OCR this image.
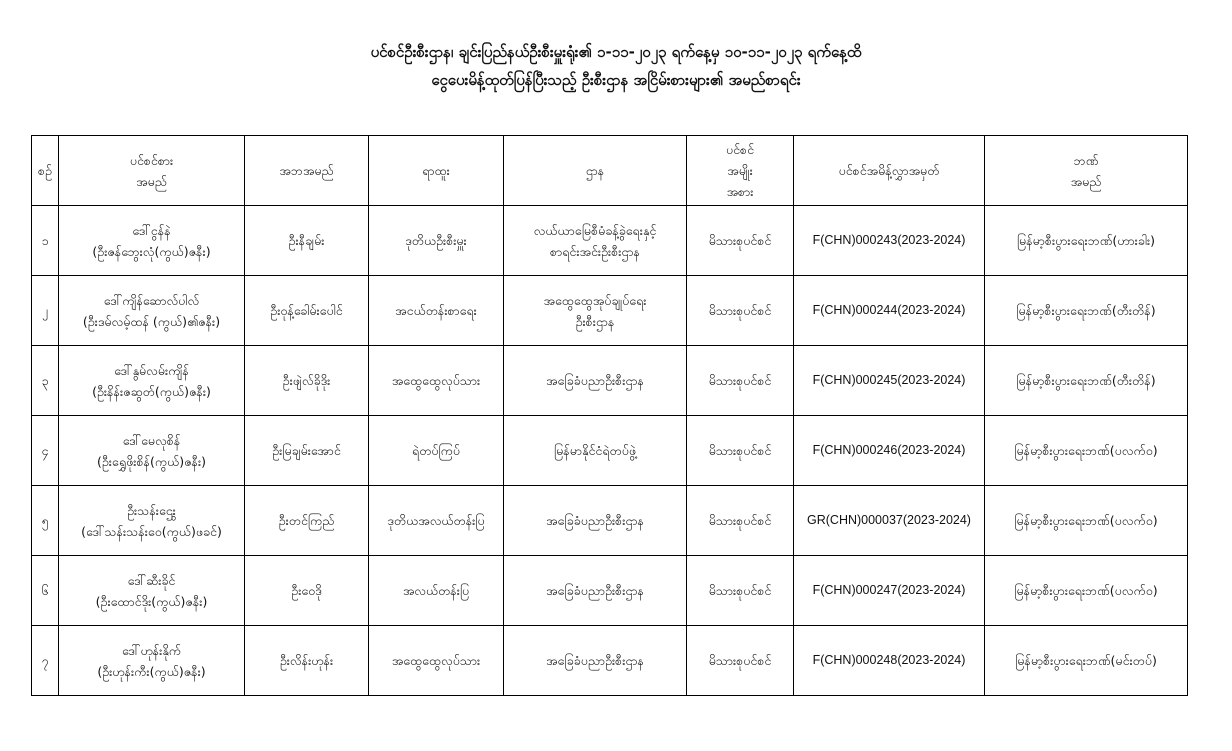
ပင်စင်ဦးစီးဌာန၊ ချင်းပြည်နယ်ဦးစီးမှူးရုံး၏ ၁-၁၁-၂၀၂၃ ရက်နေ့မှ ၁၀-၁၁-၂၀၂၃ ရက်နေ့ထိ
ငွေပေးမိန့်ထုတ်ပြန်ပြီးသည့် ဦးစီးဌာန အငြိမ်းစားများ၏ အမည်စာရင်း
စဉ်	ပင်စင်စား
အမည်	အဘအမည်	ရာထူး	ဌာန	ပင်စင်
အမျိုး
အစား	ပင်စင်အမိန့်လွှာအမှတ်	ဘဏ်
အမည်

၁	ဒေါ်ငွန်နဲ
(ဦးဇန်ဘွေးလုံ(ကွယ်)ဇနီး)	ဦးနီချမ်း	ဒုတိယဦးစီးမှူး	လယ်ယာမြေစီမံခန့်ခွဲရေးနှင့်
စာရင်းအင်းဦးစီးဌာန	မိသားစုပင်စင်	F(CHN)000243(2023-2024)	မြန်မာ့စီးပွားရေးဘဏ်(ဟားခါး)
၂	ဒေါ်ကျိန်ဆောလ်ပါလ်
(ဦးဒမ်လမ့်ထန် (ကွယ်)၏ဇနီး)	ဦးဝုန့်ခေါမ်းပေါင်	အငယ်တန်းစာရေး	အထွေထွေအုပ်ချုပ်ရေး
ဦးစီးဌာန	မိသားစုပင်စင်	F(CHN)000244(2023-2024)	မြန်မာ့စီးပွားရေးဘဏ်(တီးတိန်)
၃	ဒေါ်နွမ်လမ်းကျိန်
(ဦးနိန်းဇဆွတ်(ကွယ်)ဇနီး)	ဦးဖျဲလ်ခိုဒိုး	အထွေထွေလုပ်သား	အခြေခံပညာဦးစီးဌာန	မိသားစုပင်စင်	F(CHN)000245(2023-2024)	မြန်မာ့စီးပွားရေးဘဏ်(တီးတိန်)
၄	ဒေါ်မေလုစိန်
(ဦးရွှေဖိုးစိန်(ကွယ်)ဇနီး)	ဦးမြချမ်းအောင်	ရဲတပ်ကြပ်	မြန်မာနိုင်ငံရဲတပ်ဖွဲ့	မိသားစုပင်စင်	F(CHN)000246(2023-2024)	မြန်မာ့စီးပွားရေးဘဏ်(ပလက်ဝ)
၅	ဦးသန်းဌွေး
(ဒေါ်သန်းသန်းဝေ(ကွယ်)ဖခင်)	ဦးတင်ကြည်	ဒုတိယအလယ်တန်းပြ	အခြေခံပညာဦးစီးဌာန	မိသားစုပင်စင်	GR(CHN)000037(2023-2024)	မြန်မာ့စီးပွားရေးဘဏ်(ပလက်ဝ)
၆	ဒေါ်ဆီးခိုင်
(ဦးထောင်ဒိုး(ကွယ်)ဇနီး)	ဦးဝေဒို	အလယ်တန်းပြ	အခြေခံပညာဦးစီးဌာန	မိသားစုပင်စင်	F(CHN)000247(2023-2024)	မြန်မာ့စီးပွားရေးဘဏ်(ပလက်ဝ)
၇	ဒေါ်ဟုန်းနိုက်
(ဦးဟုန်းကီး(ကွယ်)ဇနီး)	ဦးလိန်းဟုန်း	အထွေထွေလုပ်သား	အခြေခံပညာဦးစီးဌာန	မိသားစုပင်စင်	F(CHN)000248(2023-2024)	မြန်မာ့စီးပွားရေးဘဏ်(မင်းတပ်)
